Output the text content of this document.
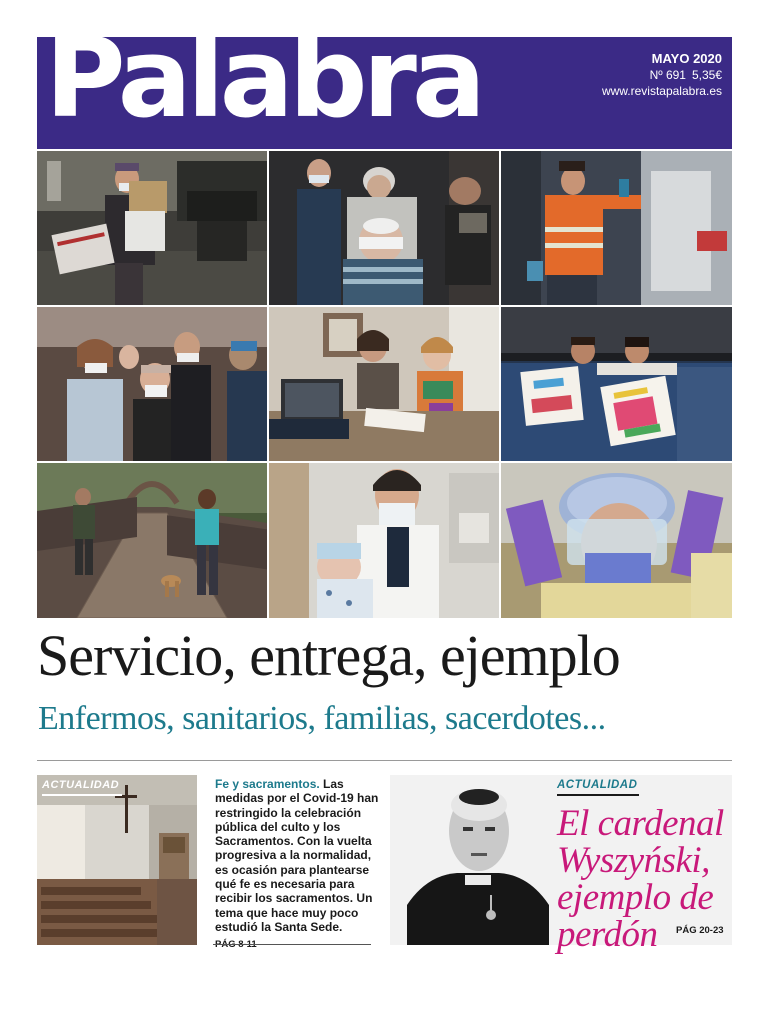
Palabra	MAYO 2020
Nº 691 5,35€
www.revistapalabra.es
Servicio, entrega, ejemplo
Enfermos, sanitarios, familias, sacerdotes...
ACTUALIDAD	Fe y sacramentos. Las medidas por el Covid-19 han restringido la celebración pública del culto y los Sacramentos. Con la vuelta progresiva a la normalidad, es ocasión para plantearse qué fe es necesaria para recibir los sacramentos. Un tema que hace muy poco estudió la Santa Sede.
ACTUALIDAD
El cardenal
Wyszyński,
ejemplo de
perdón	PÁG 20-23
